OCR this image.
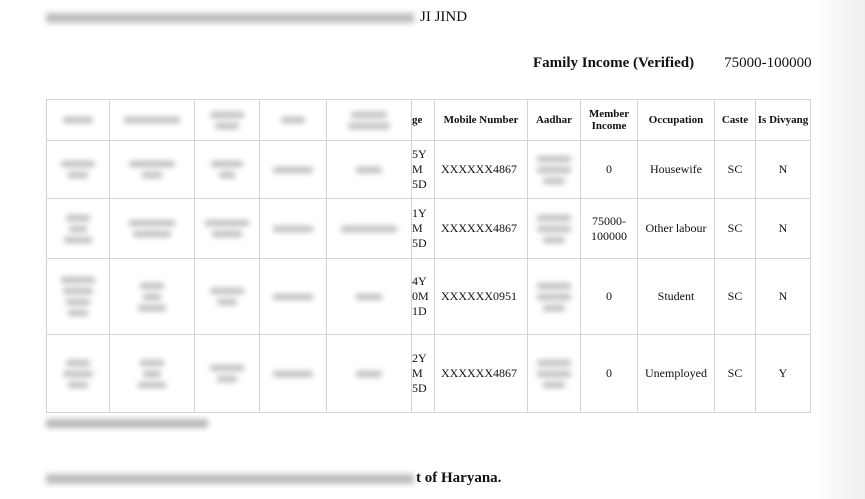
JI JIND
Family Income (Verified) 75000-100000

	ge	Mobile Number	Aadhar	Member Income	Occupation	Caste	Is Divyang

	5Y
M
5D	XXXXXX4867		0	Housewife	SC	N

	1Y
M
5D	XXXXXX4867		75000-100000	Other labour	SC	N

	4Y
0M
1D	XXXXXX0951		0	Student	SC	N

	2Y
M
5D	XXXXXX4867		0	Unemployed	SC	Y
t of Haryana.
